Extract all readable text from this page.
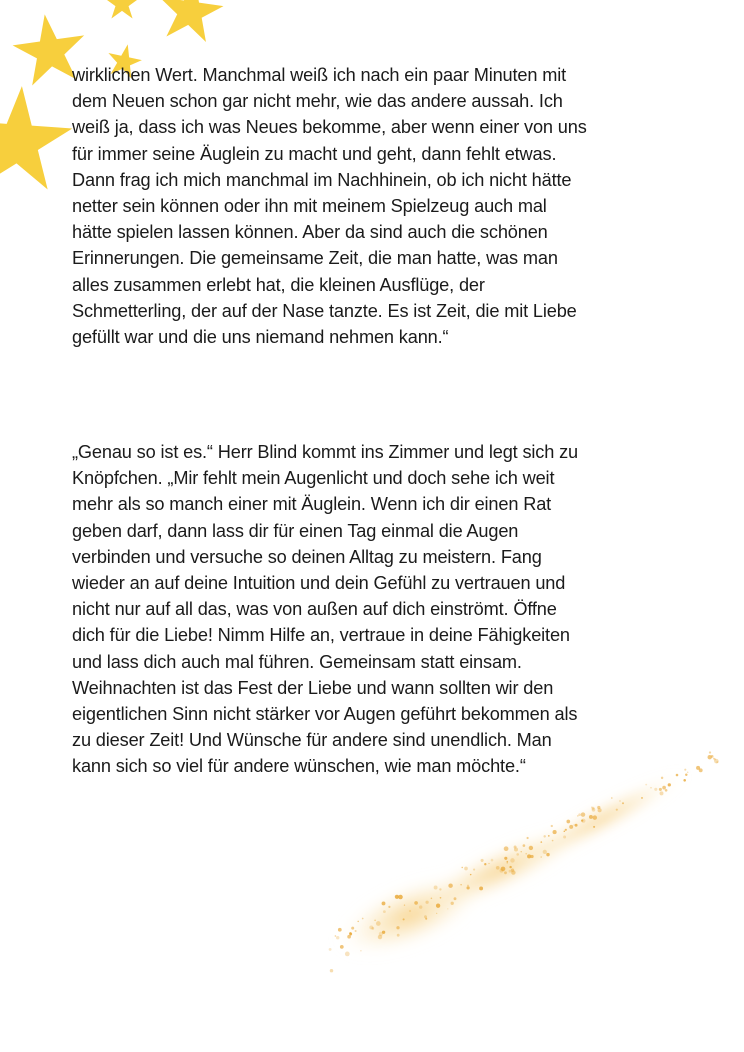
wirklichen Wert. Manchmal weiß ich nach ein paar Minuten mit
dem Neuen schon gar nicht mehr, wie das andere aussah. Ich
weiß ja, dass ich was Neues bekomme, aber wenn einer von uns
für immer seine Äuglein zu macht und geht, dann fehlt etwas.
Dann frag ich mich manchmal im Nachhinein, ob ich nicht hätte
netter sein können oder ihn mit meinem Spielzeug auch mal
hätte spielen lassen können. Aber da sind auch die schönen
Erinnerungen. Die gemeinsame Zeit, die man hatte, was man
alles zusammen erlebt hat, die kleinen Ausflüge, der
Schmetterling, der auf der Nase tanzte. Es ist Zeit, die mit Liebe
gefüllt war und die uns niemand nehmen kann.“

„Genau so ist es.“ Herr Blind kommt ins Zimmer und legt sich zu
Knöpfchen. „Mir fehlt mein Augenlicht und doch sehe ich weit
mehr als so manch einer mit Äuglein. Wenn ich dir einen Rat
geben darf, dann lass dir für einen Tag einmal die Augen
verbinden und versuche so deinen Alltag zu meistern. Fang
wieder an auf deine Intuition und dein Gefühl zu vertrauen und
nicht nur auf all das, was von außen auf dich einströmt. Öffne
dich für die Liebe! Nimm Hilfe an, vertraue in deine Fähigkeiten
und lass dich auch mal führen. Gemeinsam statt einsam.
Weihnachten ist das Fest der Liebe und wann sollten wir den
eigentlichen Sinn nicht stärker vor Augen geführt bekommen als
zu dieser Zeit! Und Wünsche für andere sind unendlich. Man
kann sich so viel für andere wünschen, wie man möchte.“
